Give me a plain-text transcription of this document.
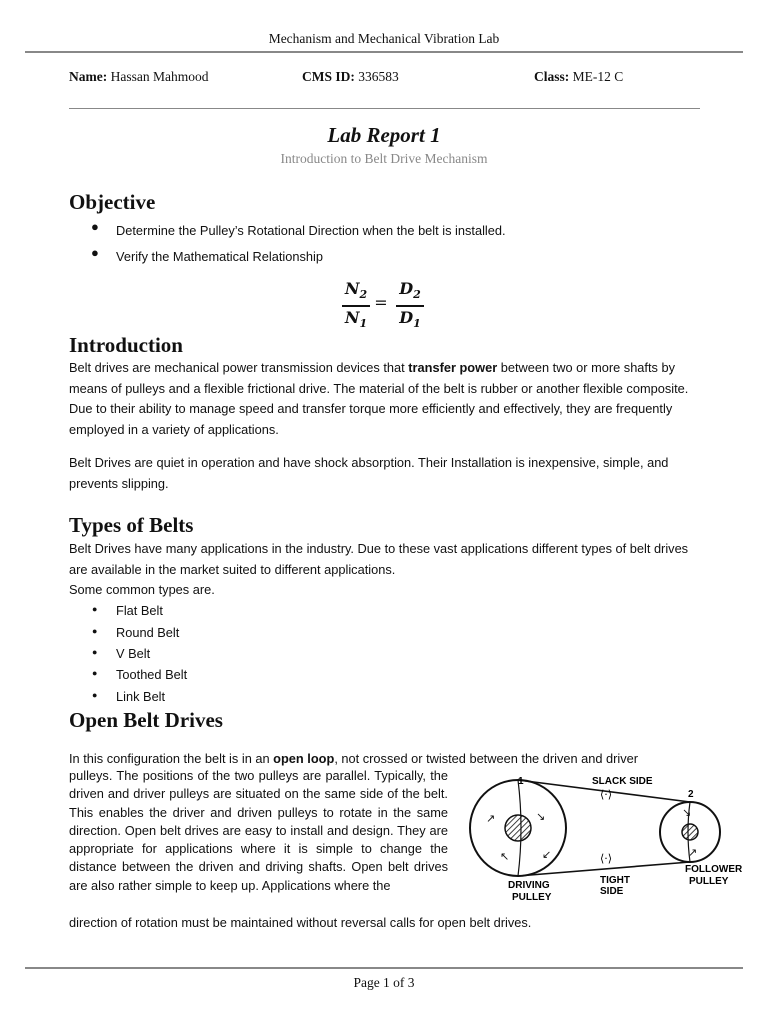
Mechanism and Mechanical Vibration Lab
Name: Hassan Mahmood	CMS ID: 336583	Class: ME-12 C
Lab Report 1
Introduction to Belt Drive Mechanism
Objective
● Determine the Pulley’s Rotational Direction when the belt is installed.
● Verify the Mathematical Relationship
$N_2$
$N_1$
=
$D_2$
$D_1$
Introduction
Belt drives are mechanical power transmission devices that transfer power between two or more shafts by means of pulleys and a flexible frictional drive. The material of the belt is rubber or another flexible composite. Due to their ability to manage speed and transfer torque more efficiently and effectively, they are frequently employed in a variety of applications.
Belt Drives are quiet in operation and have shock absorption. Their Installation is inexpensive, simple, and prevents slipping.
Types of Belts
Belt Drives have many applications in the industry. Due to these vast applications different types of belt drives are available in the market suited to different applications.
Some common types are.
● Flat Belt
● Round Belt
● V Belt
● Toothed Belt
● Link Belt
Open Belt Drives
In this configuration the belt is in an open loop, not crossed or twisted between the driven and driver
pulleys. The positions of the two pulleys are parallel. Typically, the driven and driver pulleys are situated on the same side of the belt. This enables the driver and driven pulleys to rotate in the same direction. Open belt drives are easy to install and design. They are appropriate for applications where it is simple to change the distance between the driven and driving shafts. Open belt drives are also rather simple to keep up. Applications where the
direction of rotation must be maintained without reversal calls for open belt drives.
1
2
SLACK SIDE
⟨·⟩
⟨·⟩
TIGHT
SIDE
DRIVING
PULLEY
FOLLOWER
PULLEY
↗	↘
↖	↙
↘
↗
Page 1 of 3
